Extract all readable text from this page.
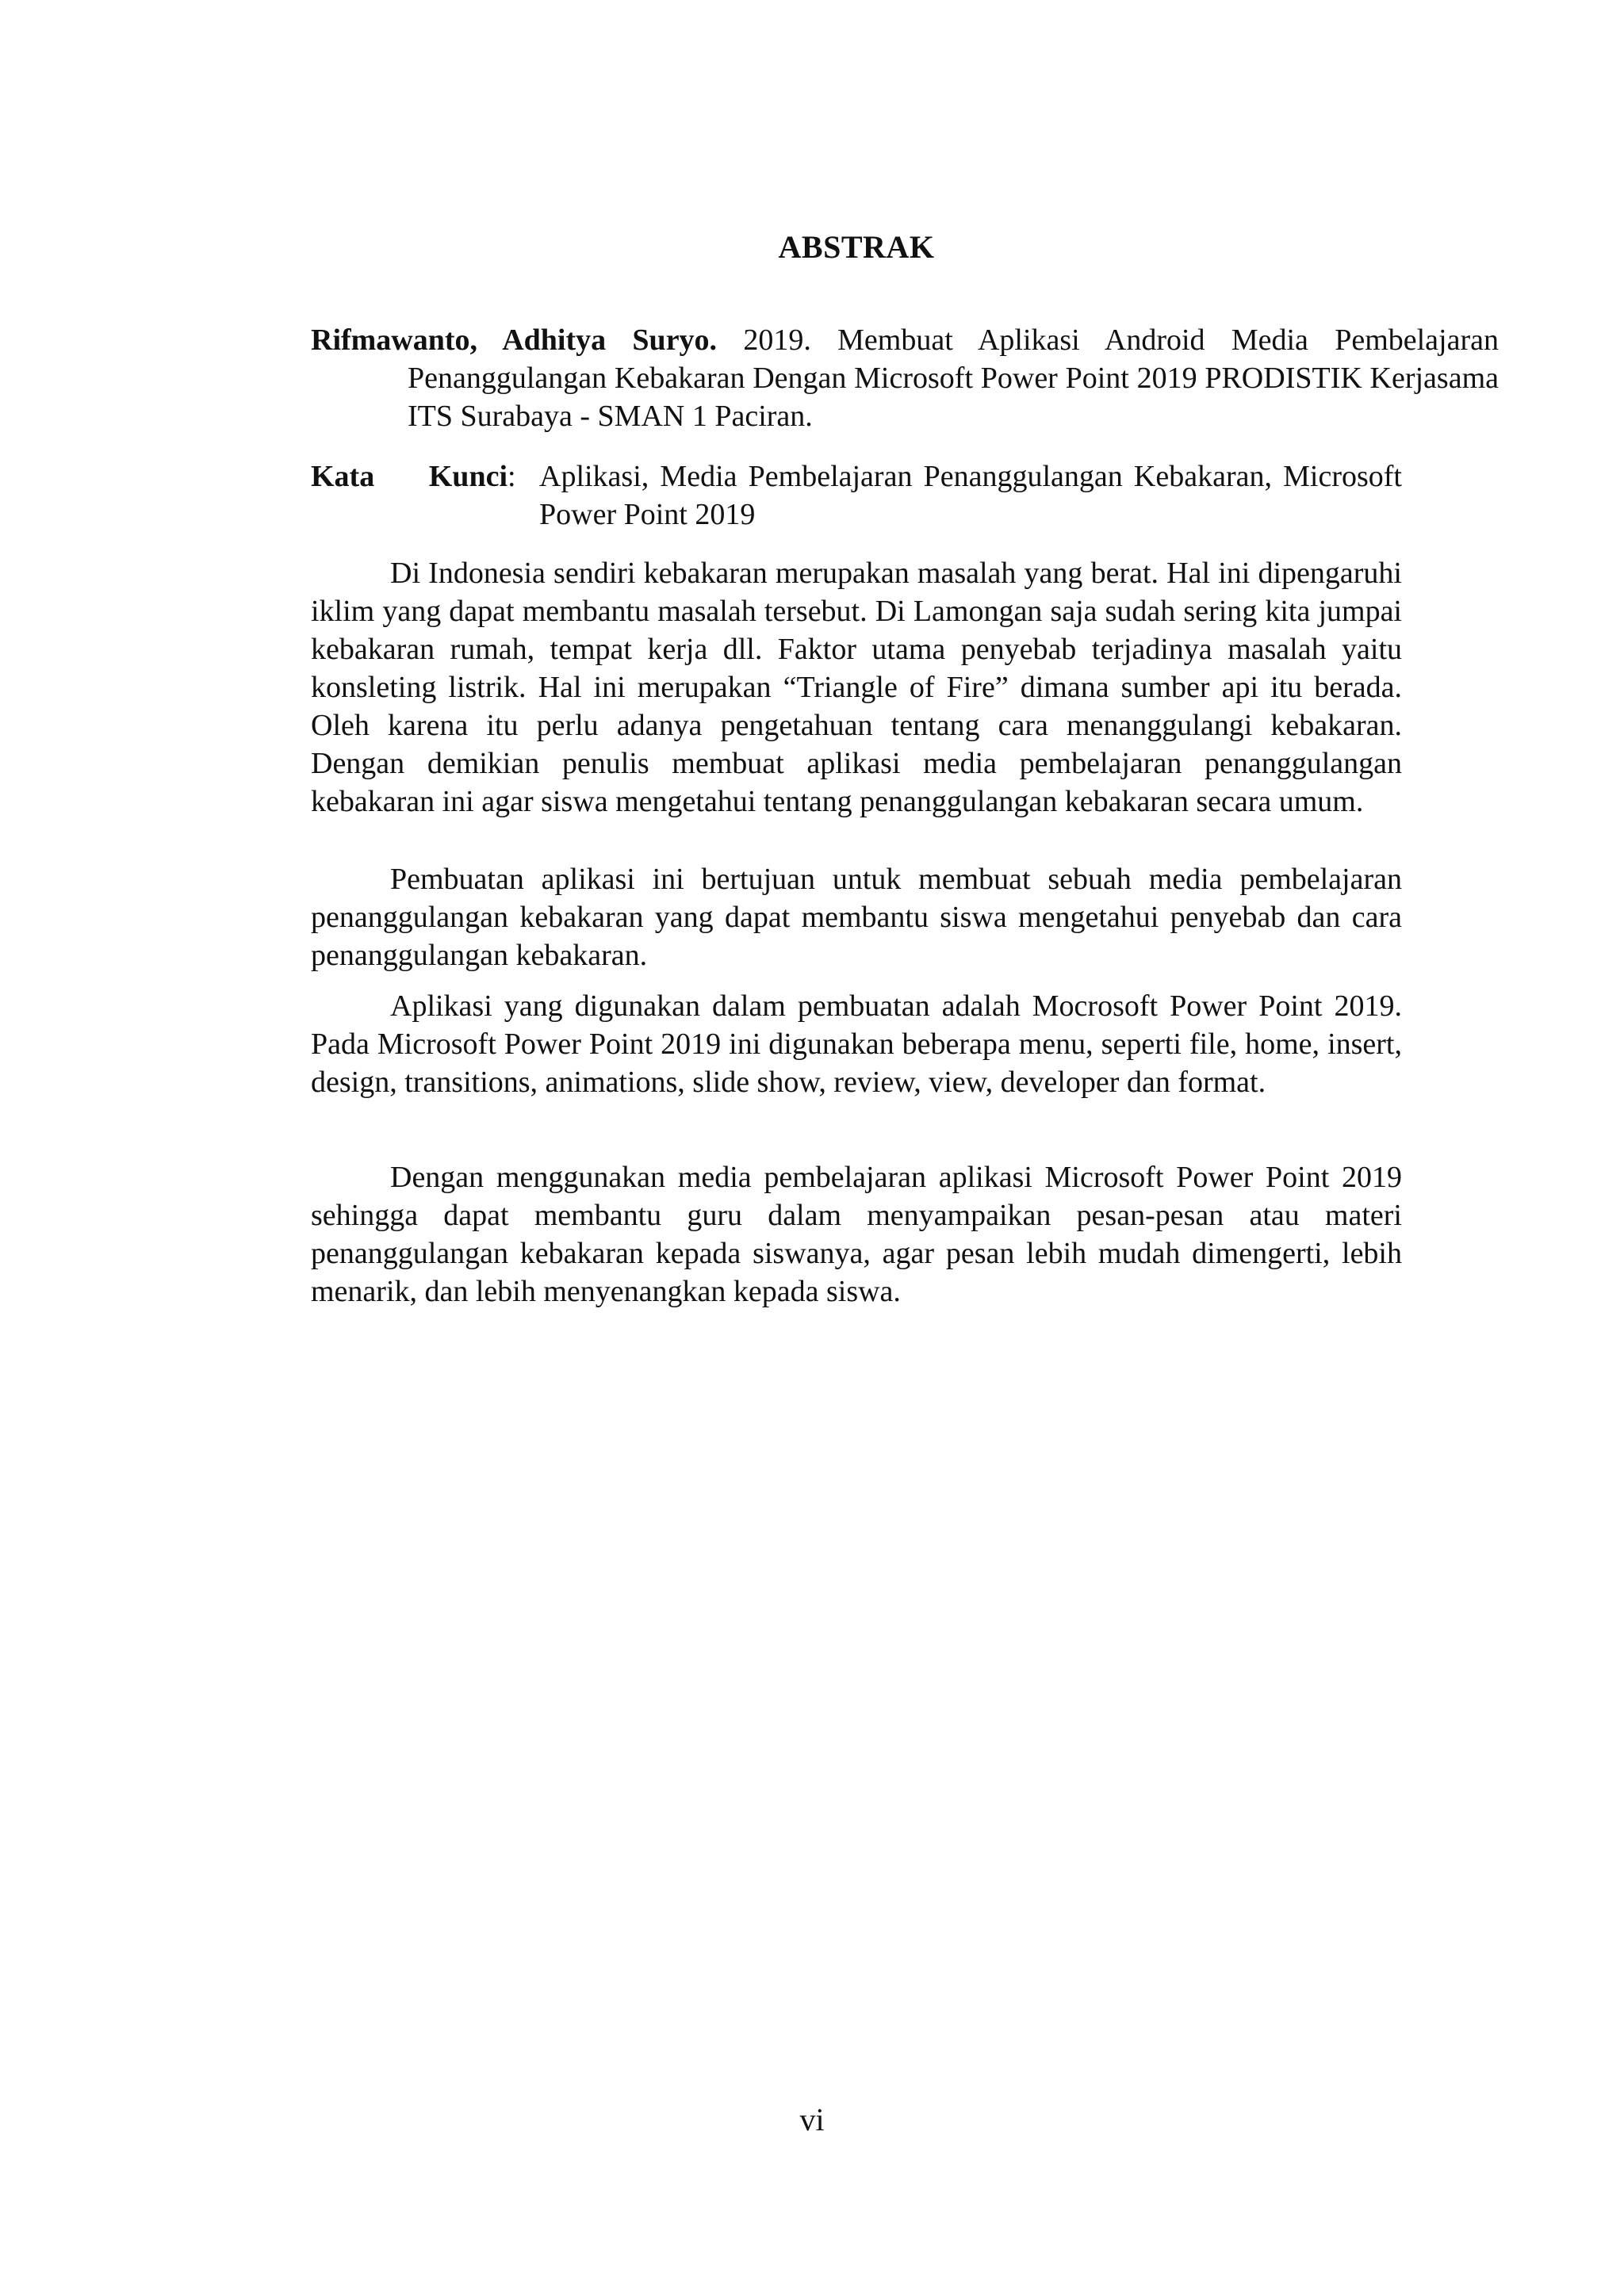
ABSTRAK
Rifmawanto, Adhitya Suryo. 2019. Membuat Aplikasi Android Media Pembelajaran Penanggulangan Kebakaran Dengan Microsoft Power Point 2019 PRODISTIK Kerjasama ITS Surabaya - SMAN 1 Paciran.
Kata Kunci : Aplikasi, Media Pembelajaran Penanggulangan Kebakaran, Microsoft Power Point 2019

Di Indonesia sendiri kebakaran merupakan masalah yang berat. Hal ini dipengaruhi iklim yang dapat membantu masalah tersebut. Di Lamongan saja sudah sering kita jumpai kebakaran rumah, tempat kerja dll. Faktor utama penyebab terjadinya masalah yaitu konsleting listrik. Hal ini merupakan “Triangle of Fire” dimana sumber api itu berada. Oleh karena itu perlu adanya pengetahuan tentang cara menanggulangi kebakaran. Dengan demikian penulis membuat aplikasi media pembelajaran penanggulangan kebakaran ini agar siswa mengetahui tentang penanggulangan kebakaran secara umum.

Pembuatan aplikasi ini bertujuan untuk membuat sebuah media pembelajaran penanggulangan kebakaran yang dapat membantu siswa mengetahui penyebab dan cara penanggulangan kebakaran.

Aplikasi yang digunakan dalam pembuatan adalah Mocrosoft Power Point 2019. Pada Microsoft Power Point 2019 ini digunakan beberapa menu, seperti file, home, insert, design, transitions, animations, slide show, review, view, developer dan format.

Dengan menggunakan media pembelajaran aplikasi Microsoft Power Point 2019 sehingga dapat membantu guru dalam menyampaikan pesan-pesan atau materi penanggulangan kebakaran kepada siswanya, agar pesan lebih mudah dimengerti, lebih menarik, dan lebih menyenangkan kepada siswa.

vi
